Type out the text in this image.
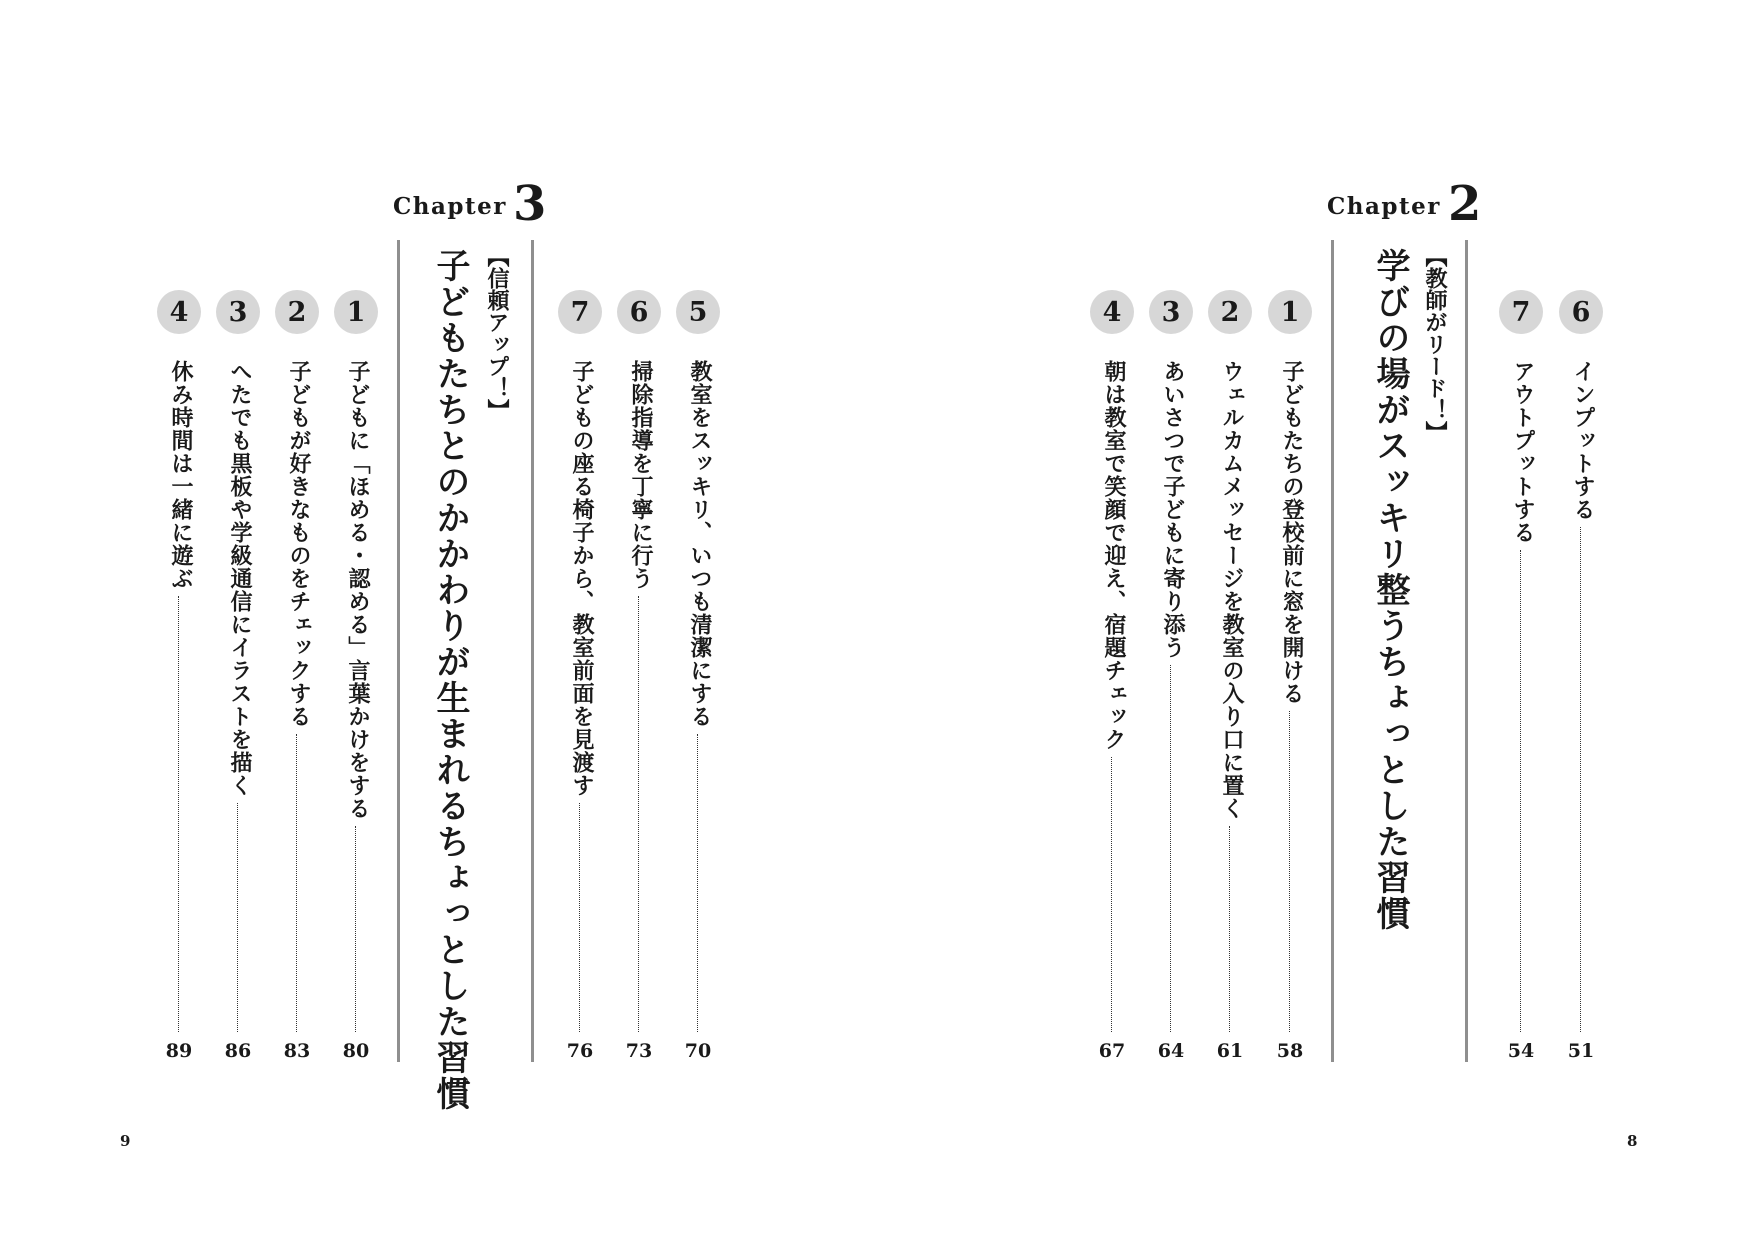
6
インプットする
51
7
アウトプットする
54
Chapter 2
【教師がリード！】
学びの場がスッキリ整うちょっとした習慣
1
子どもたちの登校前に窓を開ける
58
2
ウェルカムメッセージを教室の入り口に置く
61
3
あいさつで子どもに寄り添う
64
4
朝は教室で笑顔で迎え、宿題チェック
67
8
5
教室をスッキリ、いつも清潔にする
70
6
掃除指導を丁寧に行う
73
7
子どもの座る椅子から、教室前面を見渡す
76
Chapter 3
【信頼アップ！】
子どもたちとのかかわりが生まれるちょっとした習慣
1
子どもに「ほめる・認める」言葉かけをする
80
2
子どもが好きなものをチェックする
83
3
へたでも黒板や学級通信にイラストを描く
86
4
休み時間は一緒に遊ぶ
89
9
